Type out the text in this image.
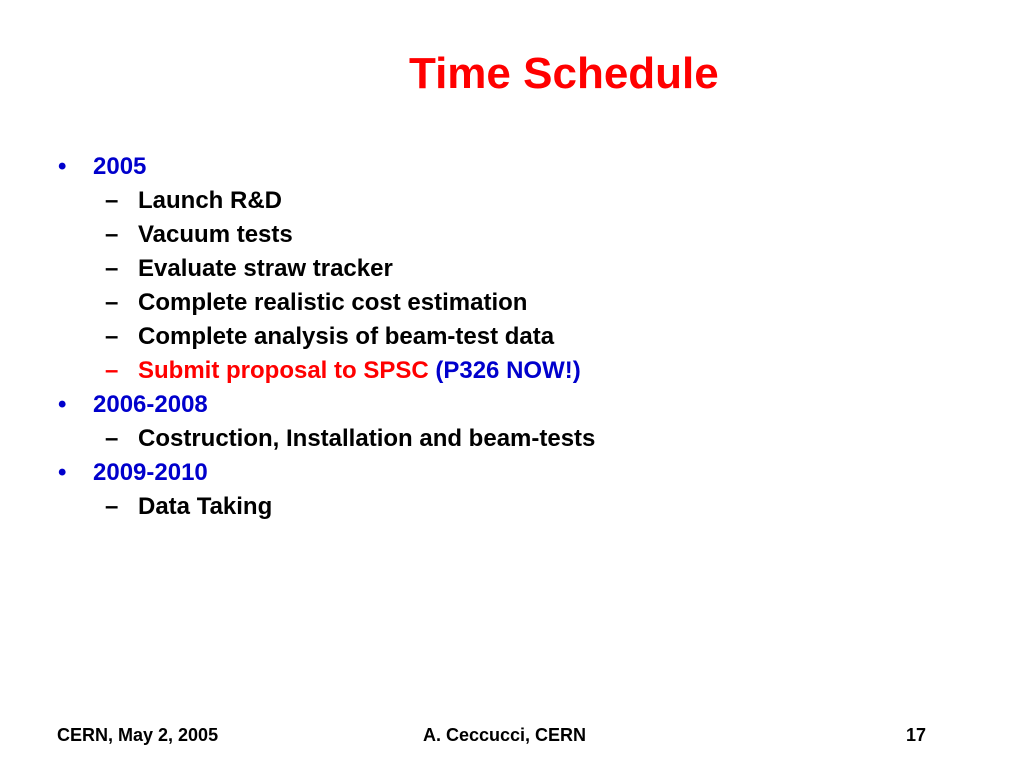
Time Schedule
• 2005
– Launch R&D
– Vacuum tests
– Evaluate straw tracker
– Complete realistic cost estimation
– Complete analysis of beam-test data
– Submit proposal to SPSC (P326 NOW!)
• 2006-2008
– Costruction, Installation and beam-tests
• 2009-2010
– Data Taking
CERN, May 2, 2005	A. Ceccucci, CERN	17
